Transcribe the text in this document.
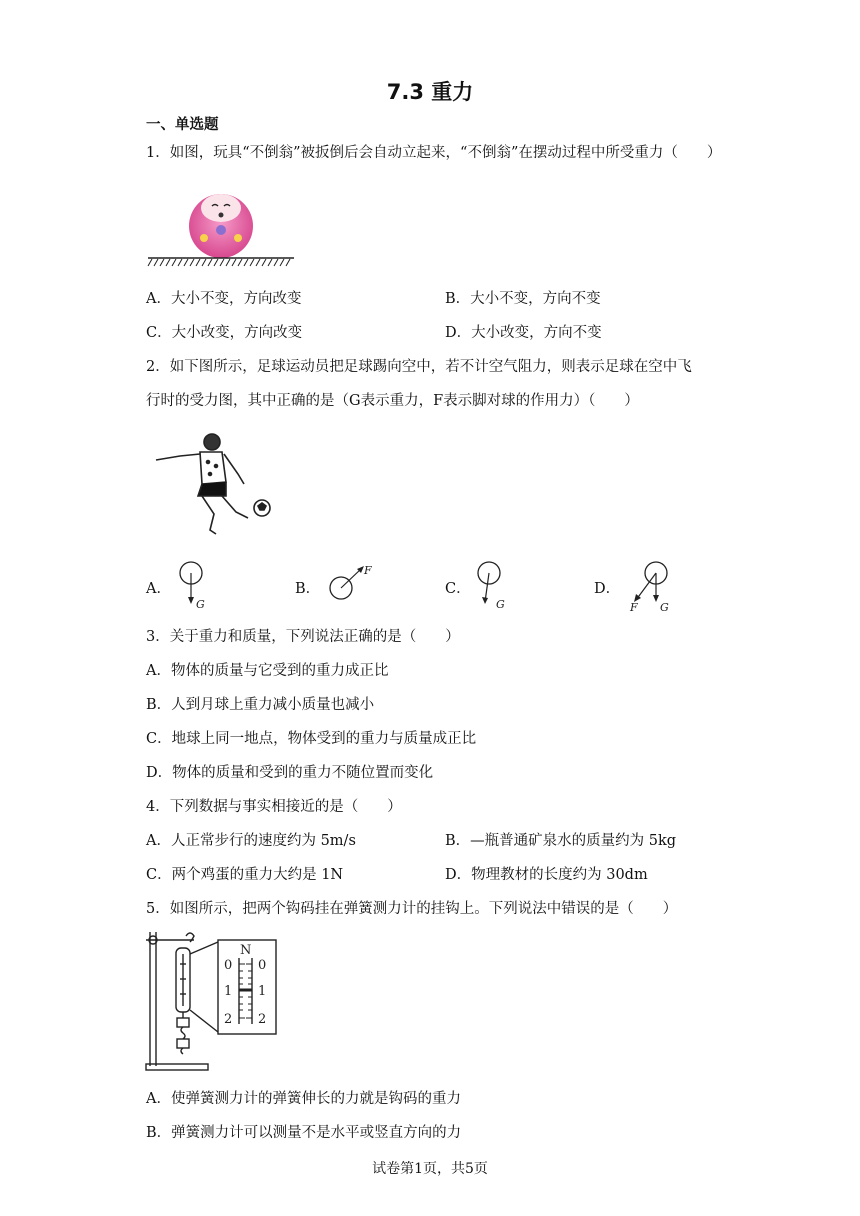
7.3 重力
一、单选题
1．如图，玩具“不倒翁”被扳倒后会自动立起来，“不倒翁”在摆动过程中所受重力（　　）
A．大小不变，方向改变	B．大小不变，方向不变
C．大小改变，方向改变	D．大小改变，方向不变
2．如下图所示，足球运动员把足球踢向空中，若不计空气阻力，则表示足球在空中飞
行时的受力图，其中正确的是（G表示重力，F表示脚对球的作用力）（　　）
A．
G
B．
F
C．
G
D．
F G
3．关于重力和质量，下列说法正确的是（　　）
A．物体的质量与它受到的重力成正比
B．人到月球上重力减小质量也减小
C．地球上同一地点，物体受到的重力与质量成正比
D．物体的质量和受到的重力不随位置而变化
4．下列数据与事实相接近的是（　　）
A．人正常步行的速度约为 5m/s	B．—瓶普通矿泉水的质量约为 5kg
C．两个鸡蛋的重力大约是 1N	D．物理教材的长度约为 30dm
5．如图所示，把两个钩码挂在弹簧测力计的挂钩上。下列说法中错误的是（　　）
N
0
1
2
0
1
2
A．使弹簧测力计的弹簧伸长的力就是钩码的重力
B．弹簧测力计可以测量不是水平或竖直方向的力
试卷第1页，共5页
